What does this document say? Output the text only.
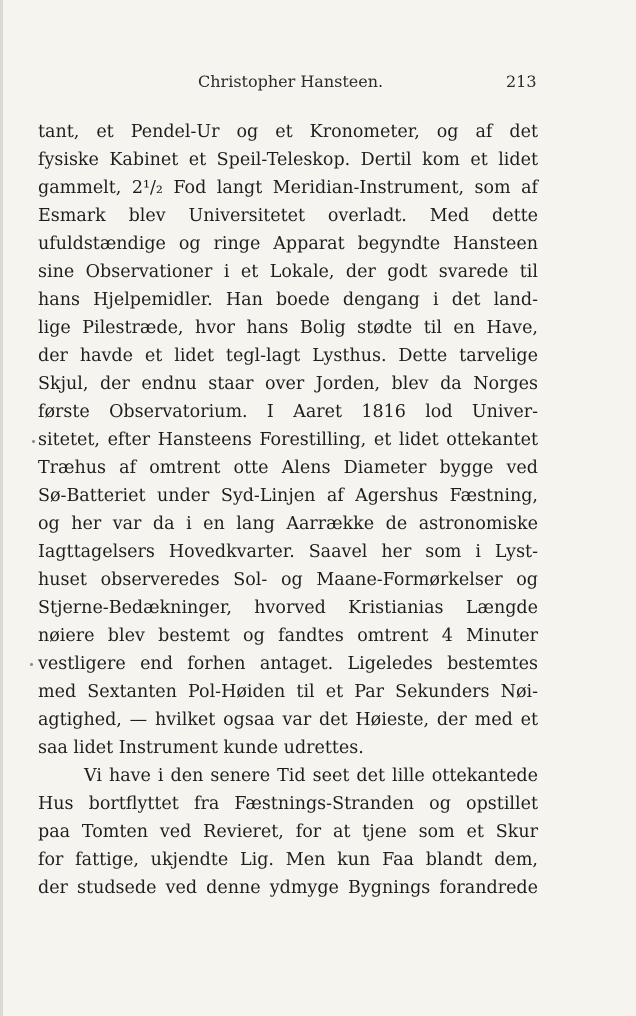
Christopher Hansteen.	213
tant, et Pendel-Ur og et Kronometer, og af det
fysiske Kabinet et Speil-Teleskop. Dertil kom et lidet
gammelt, 2¹/₂ Fod langt Meridian-Instrument, som af
Esmark blev Universitetet overladt. Med dette
ufuldstændige og ringe Apparat begyndte Hansteen
sine Observationer i et Lokale, der godt svarede til
hans Hjelpemidler. Han boede dengang i det land-
lige Pilestræde, hvor hans Bolig stødte til en Have,
der havde et lidet tegl-lagt Lysthus. Dette tarvelige
Skjul, der endnu staar over Jorden, blev da Norges
første Observatorium. I Aaret 1816 lod Univer-
sitetet, efter Hansteens Forestilling, et lidet ottekantet
Træhus af omtrent otte Alens Diameter bygge ved
Sø-Batteriet under Syd-Linjen af Agershus Fæstning,
og her var da i en lang Aarrække de astronomiske
Iagttagelsers Hovedkvarter. Saavel her som i Lyst-
huset observeredes Sol- og Maane-Formørkelser og
Stjerne-Bedækninger, hvorved Kristianias Længde
nøiere blev bestemt og fandtes omtrent 4 Minuter
vestligere end forhen antaget. Ligeledes bestemtes
med Sextanten Pol-Høiden til et Par Sekunders Nøi-
agtighed, — hvilket ogsaa var det Høieste, der med et
saa lidet Instrument kunde udrettes.
Vi have i den senere Tid seet det lille ottekantede
Hus bortflyttet fra Fæstnings-Stranden og opstillet
paa Tomten ved Revieret, for at tjene som et Skur
for fattige, ukjendte Lig. Men kun Faa blandt dem,
der studsede ved denne ydmyge Bygnings forandrede
